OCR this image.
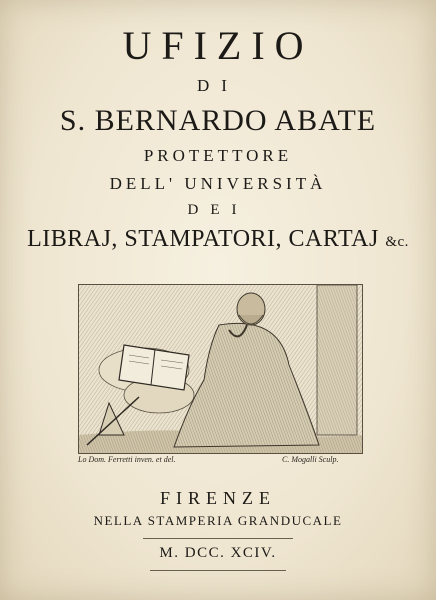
UFIZIO
DI
S. BERNARDO ABATE
PROTETTORE
DELL' UNIVERSITÀ
DEI
LIBRAJ, STAMPATORI, CARTAJ &c.
Lo Dom. Ferretti inven. et del.	C. Mogalli Sculp.
FIRENZE
NELLA STAMPERIA GRANDUCALE
M. DCC. XCIV.
